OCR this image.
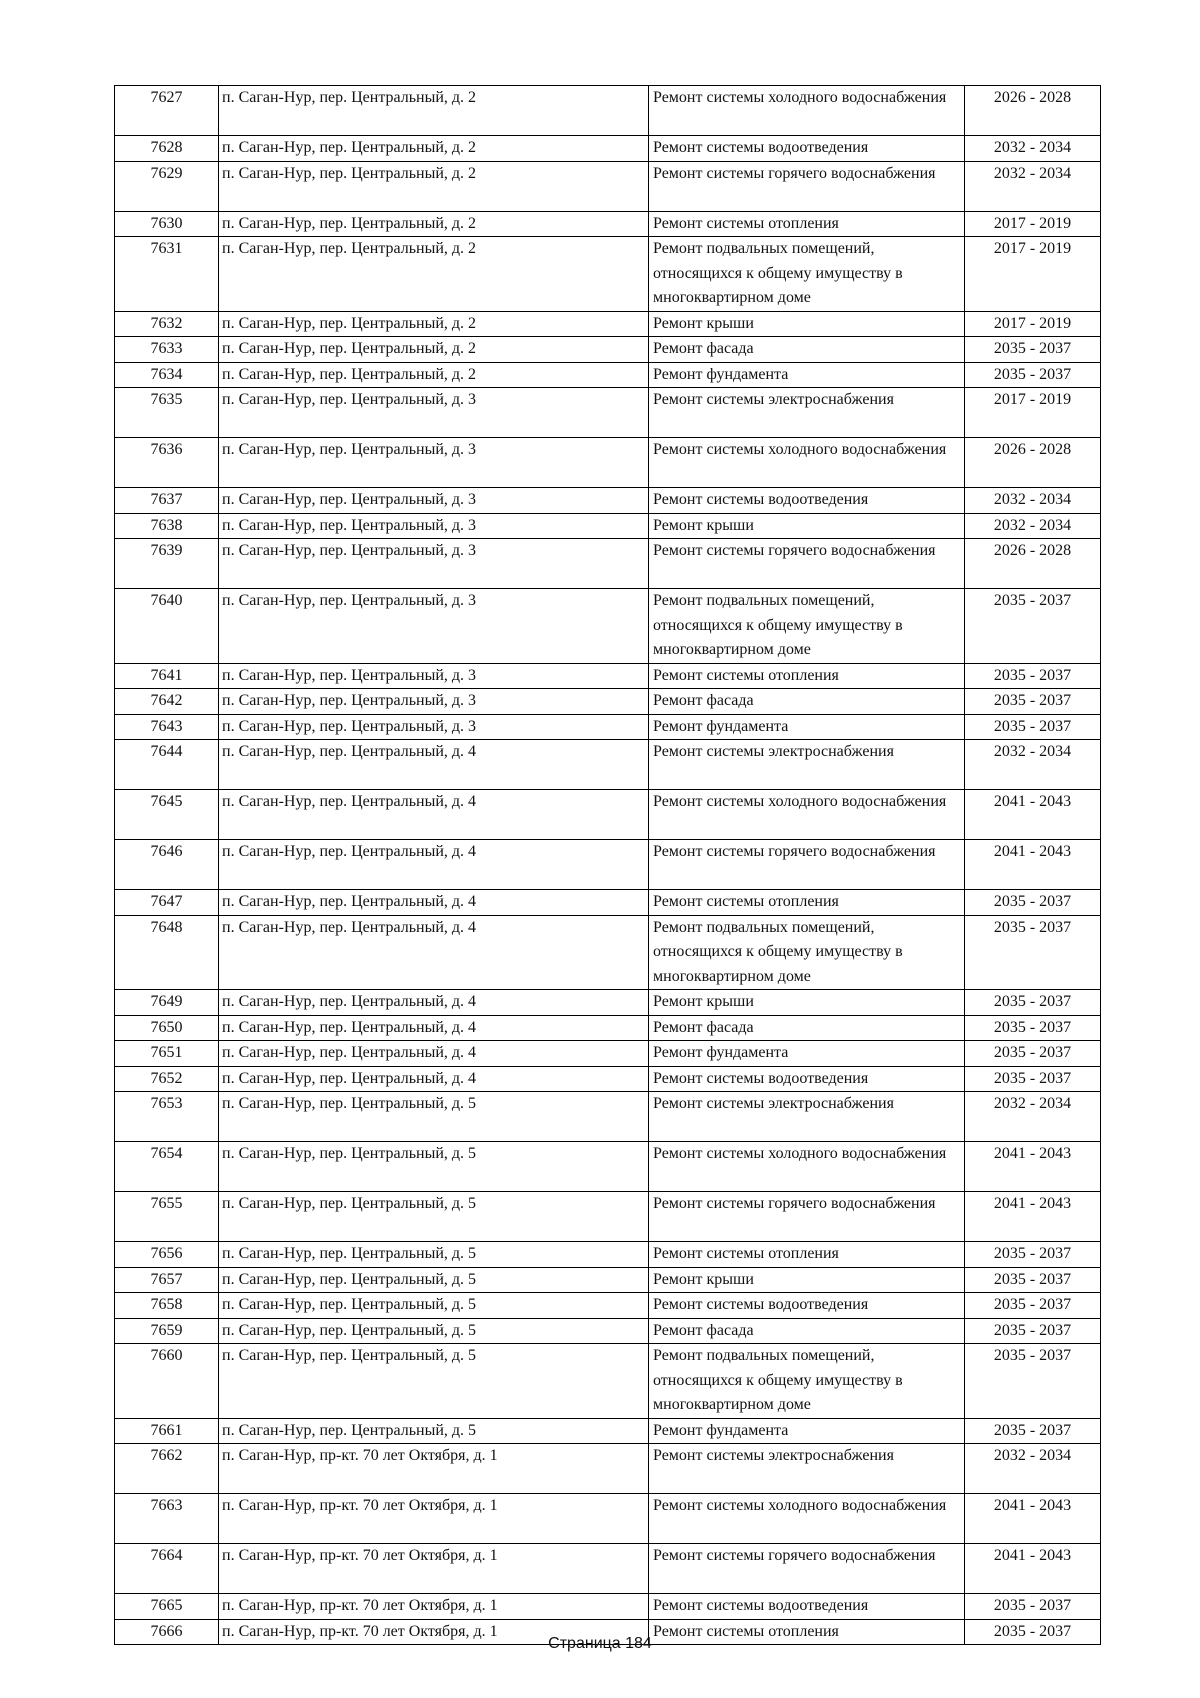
7627	п. Саган-Нур, пер. Центральный, д. 2	Ремонт системы холодного водоснабжения	2026 - 2028
7628	п. Саган-Нур, пер. Центральный, д. 2	Ремонт системы водоотведения	2032 - 2034
7629	п. Саган-Нур, пер. Центральный, д. 2	Ремонт системы горячего водоснабжения	2032 - 2034
7630	п. Саган-Нур, пер. Центральный, д. 2	Ремонт системы отопления	2017 - 2019
7631	п. Саган-Нур, пер. Центральный, д. 2	Ремонт подвальных помещений, относящихся к общему имуществу в многоквартирном доме	2017 - 2019
7632	п. Саган-Нур, пер. Центральный, д. 2	Ремонт крыши	2017 - 2019
7633	п. Саган-Нур, пер. Центральный, д. 2	Ремонт фасада	2035 - 2037
7634	п. Саган-Нур, пер. Центральный, д. 2	Ремонт фундамента	2035 - 2037
7635	п. Саган-Нур, пер. Центральный, д. 3	Ремонт системы электроснабжения	2017 - 2019
7636	п. Саган-Нур, пер. Центральный, д. 3	Ремонт системы холодного водоснабжения	2026 - 2028
7637	п. Саган-Нур, пер. Центральный, д. 3	Ремонт системы водоотведения	2032 - 2034
7638	п. Саган-Нур, пер. Центральный, д. 3	Ремонт крыши	2032 - 2034
7639	п. Саган-Нур, пер. Центральный, д. 3	Ремонт системы горячего водоснабжения	2026 - 2028
7640	п. Саган-Нур, пер. Центральный, д. 3	Ремонт подвальных помещений, относящихся к общему имуществу в многоквартирном доме	2035 - 2037
7641	п. Саган-Нур, пер. Центральный, д. 3	Ремонт системы отопления	2035 - 2037
7642	п. Саган-Нур, пер. Центральный, д. 3	Ремонт фасада	2035 - 2037
7643	п. Саган-Нур, пер. Центральный, д. 3	Ремонт фундамента	2035 - 2037
7644	п. Саган-Нур, пер. Центральный, д. 4	Ремонт системы электроснабжения	2032 - 2034
7645	п. Саган-Нур, пер. Центральный, д. 4	Ремонт системы холодного водоснабжения	2041 - 2043
7646	п. Саган-Нур, пер. Центральный, д. 4	Ремонт системы горячего водоснабжения	2041 - 2043
7647	п. Саган-Нур, пер. Центральный, д. 4	Ремонт системы отопления	2035 - 2037
7648	п. Саган-Нур, пер. Центральный, д. 4	Ремонт подвальных помещений, относящихся к общему имуществу в многоквартирном доме	2035 - 2037
7649	п. Саган-Нур, пер. Центральный, д. 4	Ремонт крыши	2035 - 2037
7650	п. Саган-Нур, пер. Центральный, д. 4	Ремонт фасада	2035 - 2037
7651	п. Саган-Нур, пер. Центральный, д. 4	Ремонт фундамента	2035 - 2037
7652	п. Саган-Нур, пер. Центральный, д. 4	Ремонт системы водоотведения	2035 - 2037
7653	п. Саган-Нур, пер. Центральный, д. 5	Ремонт системы электроснабжения	2032 - 2034
7654	п. Саган-Нур, пер. Центральный, д. 5	Ремонт системы холодного водоснабжения	2041 - 2043
7655	п. Саган-Нур, пер. Центральный, д. 5	Ремонт системы горячего водоснабжения	2041 - 2043
7656	п. Саган-Нур, пер. Центральный, д. 5	Ремонт системы отопления	2035 - 2037
7657	п. Саган-Нур, пер. Центральный, д. 5	Ремонт крыши	2035 - 2037
7658	п. Саган-Нур, пер. Центральный, д. 5	Ремонт системы водоотведения	2035 - 2037
7659	п. Саган-Нур, пер. Центральный, д. 5	Ремонт фасада	2035 - 2037
7660	п. Саган-Нур, пер. Центральный, д. 5	Ремонт подвальных помещений, относящихся к общему имуществу в многоквартирном доме	2035 - 2037
7661	п. Саган-Нур, пер. Центральный, д. 5	Ремонт фундамента	2035 - 2037
7662	п. Саган-Нур, пр-кт. 70 лет Октября, д. 1	Ремонт системы электроснабжения	2032 - 2034
7663	п. Саган-Нур, пр-кт. 70 лет Октября, д. 1	Ремонт системы холодного водоснабжения	2041 - 2043
7664	п. Саган-Нур, пр-кт. 70 лет Октября, д. 1	Ремонт системы горячего водоснабжения	2041 - 2043
7665	п. Саган-Нур, пр-кт. 70 лет Октября, д. 1	Ремонт системы водоотведения	2035 - 2037
7666	п. Саган-Нур, пр-кт. 70 лет Октября, д. 1	Ремонт системы отопления	2035 - 2037
Страница 184
